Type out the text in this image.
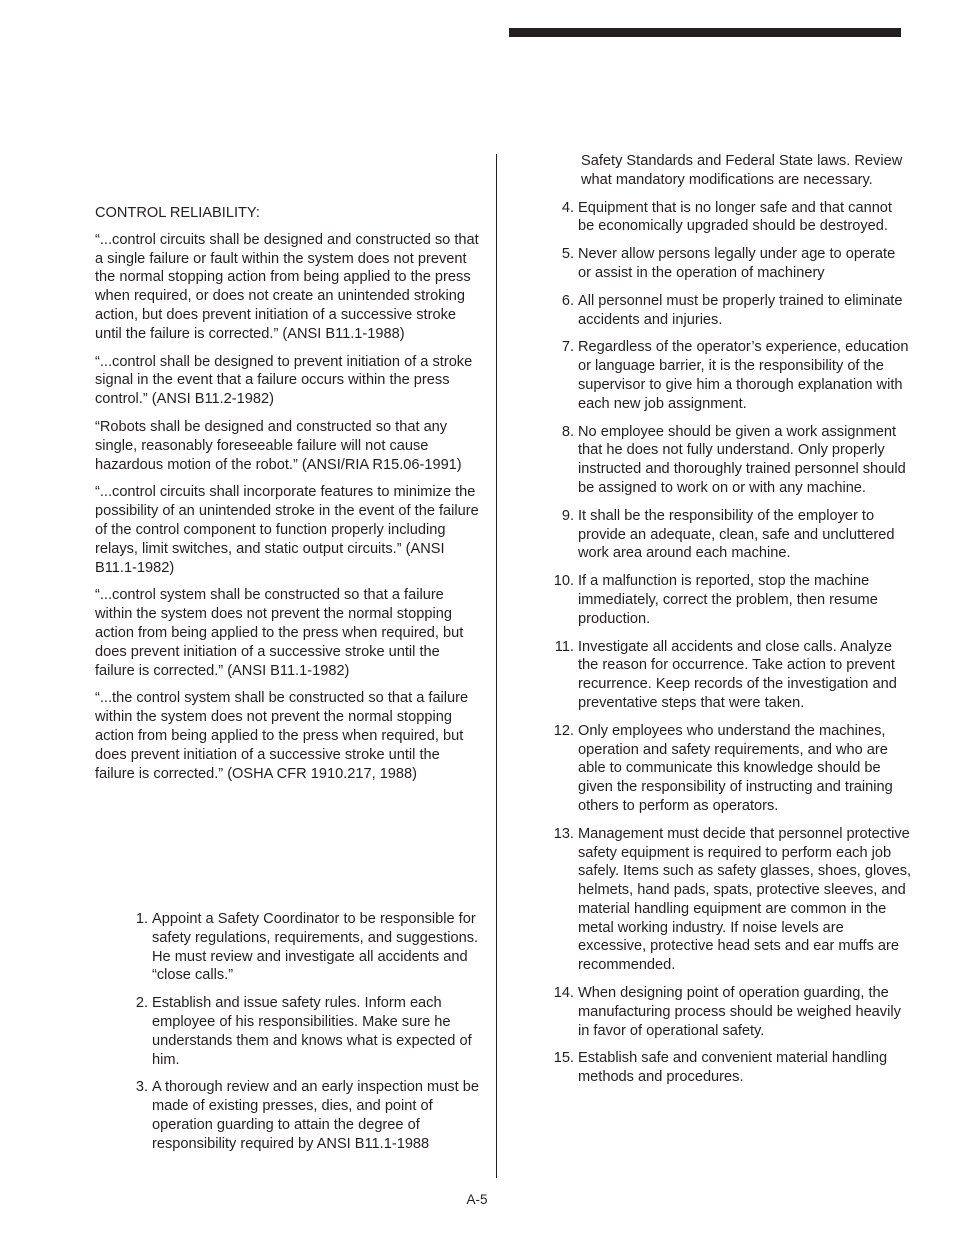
CONTROL RELIABILITY:

“...control circuits shall be designed and constructed so that a single failure or fault within the system does not prevent the normal stopping action from being applied to the press when required, or does not create an unintended stroking action, but does prevent initiation of a successive stroke until the failure is corrected.” (ANSI B11.1-1988)

“...control shall be designed to prevent initiation of a stroke signal in the event that a failure occurs within the press control.” (ANSI B11.2-1982)

“Robots shall be designed and constructed so that any single, reasonably foreseeable failure will not cause hazardous motion of the robot.” (ANSI/RIA R15.06-1991)

“...control circuits shall incorporate features to minimize the possibility of an unintended stroke in the event of the failure of the control component to function properly including relays, limit switches, and static output circuits.” (ANSI B11.1-1982)

“...control system shall be constructed so that a failure within the system does not prevent the normal stopping action from being applied to the press when required, but does prevent initiation of a successive stroke until the failure is corrected.” (ANSI B11.1-1982)

“...the control system shall be constructed so that a failure within the system does not prevent the normal stopping action from being applied to the press when required, but does prevent initiation of a successive stroke until the failure is corrected.” (OSHA CFR 1910.217, 1988)

1. Appoint a Safety Coordinator to be responsible for safety regulations, requirements, and suggestions. He must review and investigate all accidents and “close calls.”
2. Establish and issue safety rules. Inform each employee of his responsibilities. Make sure he understands them and knows what is expected of him.
3. A thorough review and an early inspection must be made of existing presses, dies, and point of operation guarding to attain the degree of responsibility required by ANSI B11.1-1988

Safety Standards and Federal State laws. Review what mandatory modifications are necessary.

4. Equipment that is no longer safe and that cannot be economically upgraded should be destroyed.
5. Never allow persons legally under age to operate or assist in the operation of machinery
6. All personnel must be properly trained to eliminate accidents and injuries.
7. Regardless of the operator’s experience, education or language barrier, it is the responsibility of the supervisor to give him a thorough explanation with each new job assignment.
8. No employee should be given a work assignment that he does not fully understand. Only properly instructed and thoroughly trained personnel should be assigned to work on or with any machine.
9. It shall be the responsibility of the employer to provide an adequate, clean, safe and uncluttered work area around each machine.
10. If a malfunction is reported, stop the machine immediately, correct the problem, then resume production.
11. Investigate all accidents and close calls. Analyze the reason for occurrence. Take action to prevent recurrence. Keep records of the investigation and preventative steps that were taken.
12. Only employees who understand the machines, operation and safety requirements, and who are able to communicate this knowledge should be given the responsibility of instructing and training others to perform as operators.
13. Management must decide that personnel protective safety equipment is required to perform each job safely. Items such as safety glasses, shoes, gloves, helmets, hand pads, spats, protective sleeves, and material handling equipment are common in the metal working industry. If noise levels are excessive, protective head sets and ear muffs are recommended.
14. When designing point of operation guarding, the manufacturing process should be weighed heavily in favor of operational safety.
15. Establish safe and convenient material handling methods and procedures.
A-5
